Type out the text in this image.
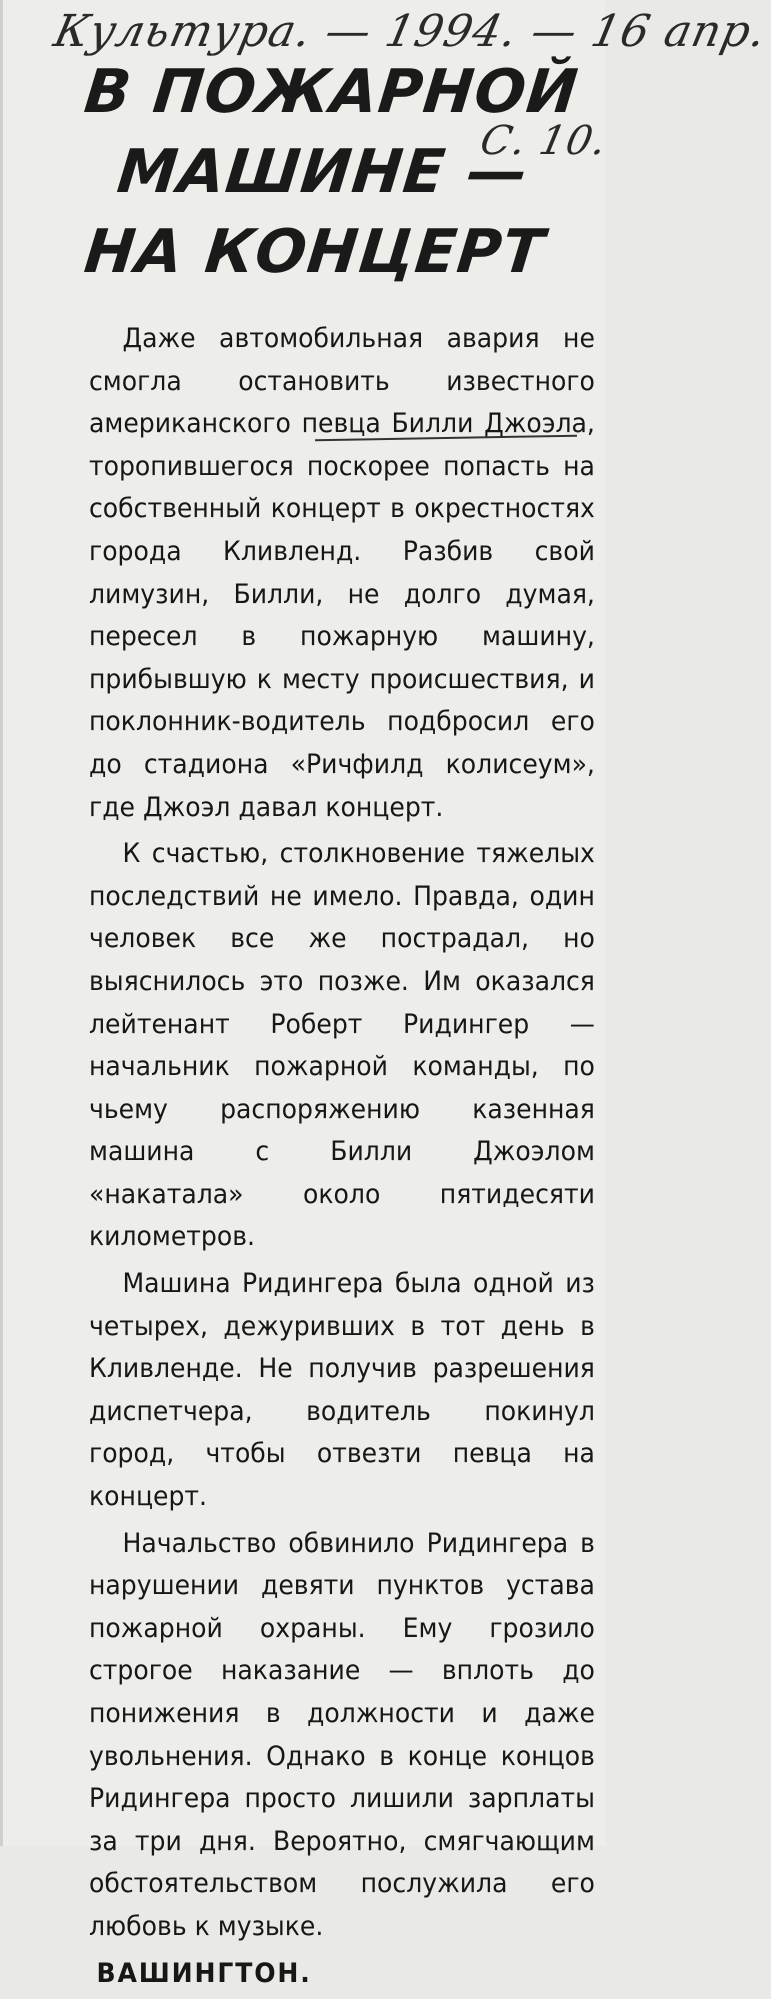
Культура. — 1994. — 16 апр.
С. 10.
В ПОЖАРНОЙ
МАШИНЕ —
НА КОНЦЕРТ

Даже автомобильная авария не смогла остановить известного американского певца Билли Джоэла, торопившегося поскорее попасть на собственный концерт в окрестностях города Кливленд. Разбив свой лимузин, Билли, не долго думая, пересел в пожарную машину, прибывшую к месту происшествия, и поклонник-водитель подбросил его до стадиона «Ричфилд колисеум», где Джоэл давал концерт.

К счастью, столкновение тяжелых последствий не имело. Правда, один человек все же пострадал, но выяснилось это позже. Им оказался лейтенант Роберт Ридингер — начальник пожарной команды, по чьему распоряжению казенная машина с Билли Джоэлом «накатала» около пятидесяти километров.

Машина Ридингера была одной из четырех, дежуривших в тот день в Кливленде. Не получив разрешения диспетчера, водитель покинул город, чтобы отвезти певца на концерт.

Начальство обвинило Ридингера в нарушении девяти пунктов устава пожарной охраны. Ему грозило строгое наказание — вплоть до понижения в должности и даже увольнения. Однако в конце концов Ридингера просто лишили зарплаты за три дня. Вероятно, смягчающим обстоятельством послужила его любовь к музыке.

ВАШИНГТОН.
